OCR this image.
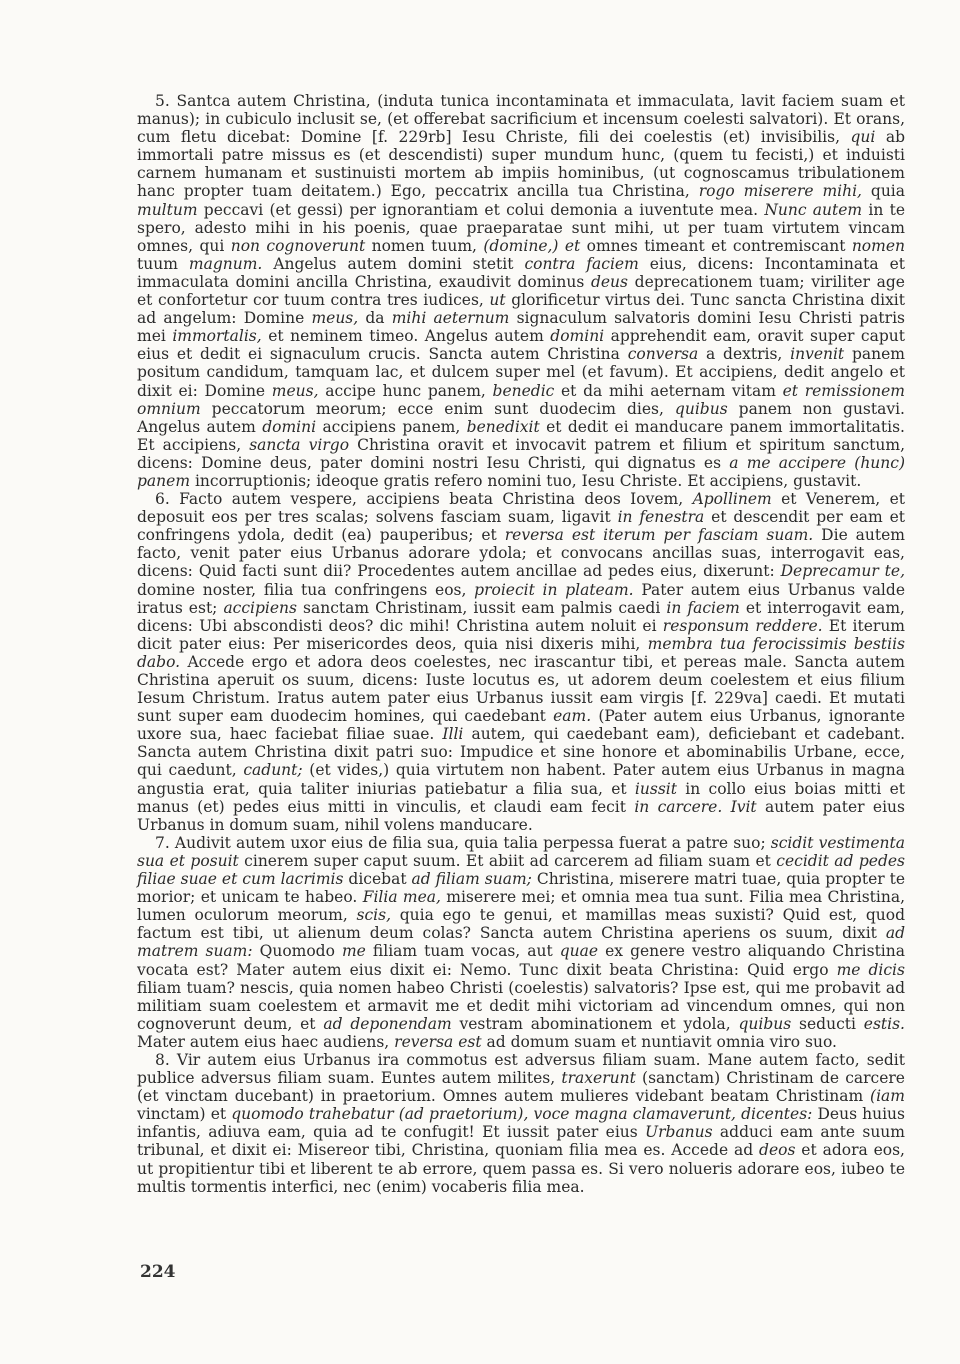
5. Santca autem Christina, (induta tunica incontaminata et immaculata, lavit faciem suam et manus); in cubiculo inclusit se, (et offerebat sacrificium et incensum coelesti salvatori). Et orans, cum fletu dicebat: Domine [f. 229rb] Iesu Christe, fili dei coelestis (et) invisibilis, qui ab immortali patre missus es (et descendisti) super mundum hunc, (quem tu fecisti,) et induisti carnem humanam et sustinuisti mortem ab impiis hominibus, (ut cognoscamus tribulationem hanc propter tuam deitatem.) Ego, peccatrix ancilla tua Christina, rogo miserere mihi, quia multum peccavi (et gessi) per ignorantiam et colui demonia a iuventute mea. Nunc autem in te spero, adesto mihi in his poenis, quae praeparatae sunt mihi, ut per tuam virtutem vincam omnes, qui non cognoverunt nomen tuum, (domine,) et omnes timeant et contremiscant nomen tuum magnum. Angelus autem domini stetit contra faciem eius, dicens: Incontaminata et immaculata domini ancilla Christina, exaudivit dominus deus deprecationem tuam; viriliter age et confortetur cor tuum contra tres iudices, ut glorificetur virtus dei. Tunc sancta Christina dixit ad angelum: Domine meus, da mihi aeternum signaculum salvatoris domini Iesu Christi patris mei immortalis, et neminem timeo. Angelus autem domini apprehendit eam, oravit super caput eius et dedit ei signaculum crucis. Sancta autem Christina conversa a dextris, invenit panem positum candidum, tamquam lac, et dulcem super mel (et favum). Et accipiens, dedit angelo et dixit ei: Domine meus, accipe hunc panem, benedic et da mihi aeternam vitam et remissionem omnium peccatorum meorum; ecce enim sunt duodecim dies, quibus panem non gustavi. Angelus autem domini accipiens panem, benedixit et dedit ei manducare panem immortalitatis. Et accipiens, sancta virgo Christina oravit et invocavit patrem et filium et spiritum sanctum, dicens: Domine deus, pater domini nostri Iesu Christi, qui dignatus es a me accipere (hunc) panem incorruptionis; ideoque gratis refero nomini tuo, Iesu Christe. Et accipiens, gustavit.

6. Facto autem vespere, accipiens beata Christina deos Iovem, Apollinem et Venerem, et deposuit eos per tres scalas; solvens fasciam suam, ligavit in fenestra et descendit per eam et confringens ydola, dedit (ea) pauperibus; et reversa est iterum per fasciam suam. Die autem facto, venit pater eius Urbanus adorare ydola; et convocans ancillas suas, interrogavit eas, dicens: Quid facti sunt dii? Procedentes autem ancillae ad pedes eius, dixerunt: Deprecamur te, domine noster, filia tua confringens eos, proiecit in plateam. Pater autem eius Urbanus valde iratus est; accipiens sanctam Christinam, iussit eam palmis caedi in faciem et interrogavit eam, dicens: Ubi abscondisti deos? dic mihi! Christina autem noluit ei responsum reddere. Et iterum dicit pater eius: Per misericordes deos, quia nisi dixeris mihi, membra tua ferocissimis bestiis dabo. Accede ergo et adora deos coelestes, nec irascantur tibi, et pereas male. Sancta autem Christina aperuit os suum, dicens: Iuste locutus es, ut adorem deum coelestem et eius filium Iesum Christum. Iratus autem pater eius Urbanus iussit eam virgis [f. 229va] caedi. Et mutati sunt super eam duodecim homines, qui caedebant eam. (Pater autem eius Urbanus, ignorante uxore sua, haec faciebat filiae suae. Illi autem, qui caedebant eam), deficiebant et cadebant. Sancta autem Christina dixit patri suo: Impudice et sine honore et abominabilis Urbane, ecce, qui caedunt, cadunt; (et vides,) quia virtutem non habent. Pater autem eius Urbanus in magna angustia erat, quia taliter iniurias patiebatur a filia sua, et iussit in collo eius boias mitti et manus (et) pedes eius mitti in vinculis, et claudi eam fecit in carcere. Ivit autem pater eius Urbanus in domum suam, nihil volens manducare.

7. Audivit autem uxor eius de filia sua, quia talia perpessa fuerat a patre suo; scidit vestimenta sua et posuit cinerem super caput suum. Et abiit ad carcerem ad filiam suam et cecidit ad pedes filiae suae et cum lacrimis dicebat ad filiam suam; Christina, miserere matri tuae, quia propter te morior; et unicam te habeo. Filia mea, miserere mei; et omnia mea tua sunt. Filia mea Christina, lumen oculorum meorum, scis, quia ego te genui, et mamillas meas suxisti? Quid est, quod factum est tibi, ut alienum deum colas? Sancta autem Christina aperiens os suum, dixit ad matrem suam: Quomodo me filiam tuam vocas, aut quae ex genere vestro aliquando Christina vocata est? Mater autem eius dixit ei: Nemo. Tunc dixit beata Christina: Quid ergo me dicis filiam tuam? nescis, quia nomen habeo Christi (coelestis) salvatoris? Ipse est, qui me probavit ad militiam suam coelestem et armavit me et dedit mihi victoriam ad vincendum omnes, qui non cognoverunt deum, et ad deponendam vestram abominationem et ydola, quibus seducti estis. Mater autem eius haec audiens, reversa est ad domum suam et nuntiavit omnia viro suo.

8. Vir autem eius Urbanus ira commotus est adversus filiam suam. Mane autem facto, sedit publice adversus filiam suam. Euntes autem milites, traxerunt (sanctam) Christinam de carcere (et vinctam ducebant) in praetorium. Omnes autem mulieres videbant beatam Christinam (iam vinctam) et quomodo trahebatur (ad praetorium), voce magna clamaverunt, dicentes: Deus huius infantis, adiuva eam, quia ad te confugit! Et iussit pater eius Urbanus adduci eam ante suum tribunal, et dixit ei: Misereor tibi, Christina, quoniam filia mea es. Accede ad deos et adora eos, ut propitientur tibi et liberent te ab errore, quem passa es. Si vero nolueris adorare eos, iubeo te multis tormentis interfici, nec (enim) vocaberis filia mea.

224
